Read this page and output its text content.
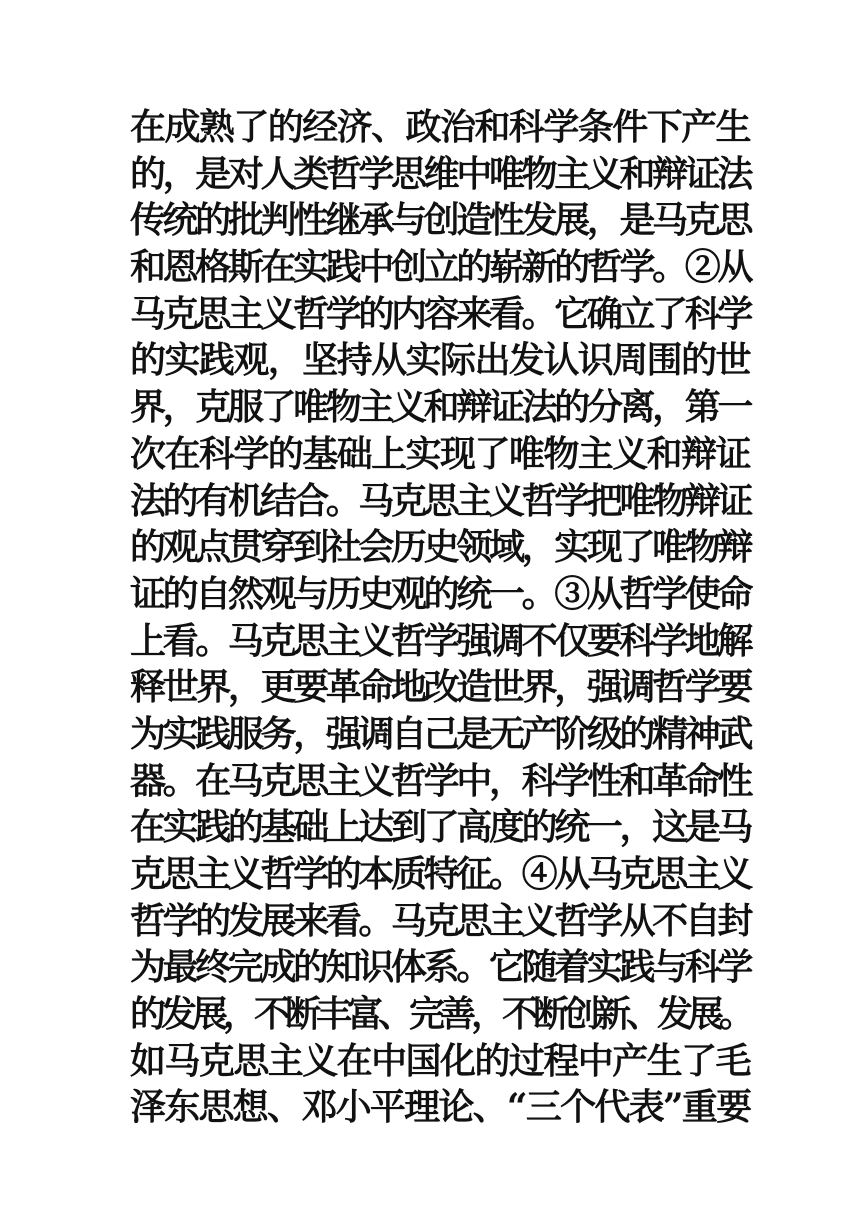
在成熟了的经济、政治和科学条件下产生
的，是对人类哲学思维中唯物主义和辩证法
传统的批判性继承与创造性发展，是马克思
和恩格斯在实践中创立的崭新的哲学。②从
马克思主义哲学的内容来看。它确立了科学
的实践观，坚持从实际出发认识周围的世
界，克服了唯物主义和辩证法的分离，第一
次在科学的基础上实现了唯物主义和辩证
法的有机结合。马克思主义哲学把唯物辩证
的观点贯穿到社会历史领域，实现了唯物辩
证的自然观与历史观的统一。③从哲学使命
上看。马克思主义哲学强调不仅要科学地解
释世界，更要革命地改造世界，强调哲学要
为实践服务，强调自己是无产阶级的精神武
器。在马克思主义哲学中，科学性和革命性
在实践的基础上达到了高度的统一，这是马
克思主义哲学的本质特征。④从马克思主义
哲学的发展来看。马克思主义哲学从不自封
为最终完成的知识体系。它随着实践与科学
的发展，不断丰富、完善，不断创新、发展。
如马克思主义在中国化的过程中产生了毛
泽东思想、邓小平理论、“三个代表”重要
